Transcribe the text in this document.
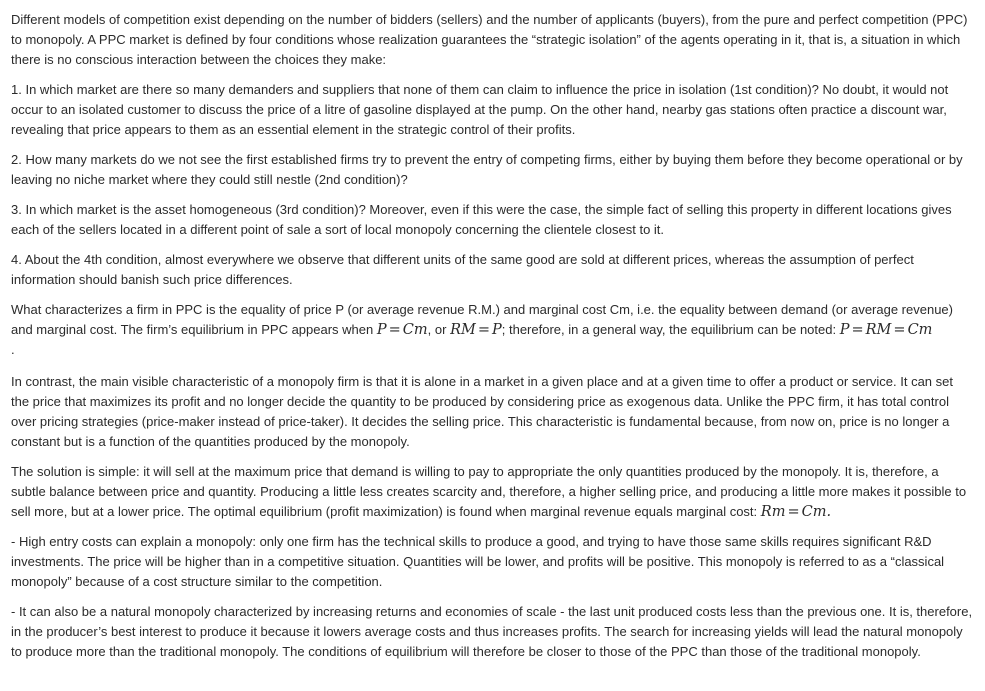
Different models of competition exist depending on the number of bidders (sellers) and the number of applicants (buyers), from the pure and perfect competition (PPC) to monopoly. A PPC market is defined by four conditions whose realization guarantees the “strategic isolation” of the agents operating in it, that is, a situation in which there is no conscious interaction between the choices they make:

1. In which market are there so many demanders and suppliers that none of them can claim to influence the price in isolation (1st condition)? No doubt, it would not occur to an isolated customer to discuss the price of a litre of gasoline displayed at the pump. On the other hand, nearby gas stations often practice a discount war, revealing that price appears to them as an essential element in the strategic control of their profits.

2. How many markets do we not see the first established firms try to prevent the entry of competing firms, either by buying them before they become operational or by leaving no niche market where they could still nestle (2nd condition)?

3. In which market is the asset homogeneous (3rd condition)? Moreover, even if this were the case, the simple fact of selling this property in different locations gives each of the sellers located in a different point of sale a sort of local monopoly concerning the clientele closest to it.

4. About the 4th condition, almost everywhere we observe that different units of the same good are sold at different prices, whereas the assumption of perfect information should banish such price differences.

What characterizes a firm in PPC is the equality of price P (or average revenue R.M.) and marginal cost Cm, i.e. the equality between demand (or average revenue) and marginal cost. The firm’s equilibrium in PPC appears when P = Cm, or RM = P; therefore, in a general way, the equilibrium can be noted: P = RM = Cm

.

In contrast, the main visible characteristic of a monopoly firm is that it is alone in a market in a given place and at a given time to offer a product or service. It can set the price that maximizes its profit and no longer decide the quantity to be produced by considering price as exogenous data. Unlike the PPC firm, it has total control over pricing strategies (price-maker instead of price-taker). It decides the selling price. This characteristic is fundamental because, from now on, price is no longer a constant but is a function of the quantities produced by the monopoly.

The solution is simple: it will sell at the maximum price that demand is willing to pay to appropriate the only quantities produced by the monopoly. It is, therefore, a subtle balance between price and quantity. Producing a little less creates scarcity and, therefore, a higher selling price, and producing a little more makes it possible to sell more, but at a lower price. The optimal equilibrium (profit maximization) is found when marginal revenue equals marginal cost: Rm = Cm.

- High entry costs can explain a monopoly: only one firm has the technical skills to produce a good, and trying to have those same skills requires significant R&D investments. The price will be higher than in a competitive situation. Quantities will be lower, and profits will be positive. This monopoly is referred to as a “classical monopoly” because of a cost structure similar to the competition.

- It can also be a natural monopoly characterized by increasing returns and economies of scale - the last unit produced costs less than the previous one. It is, therefore, in the producer’s best interest to produce it because it lowers average costs and thus increases profits. The search for increasing yields will lead the natural monopoly to produce more than the traditional monopoly. The conditions of equilibrium will therefore be closer to those of the PPC than those of the traditional monopoly.
